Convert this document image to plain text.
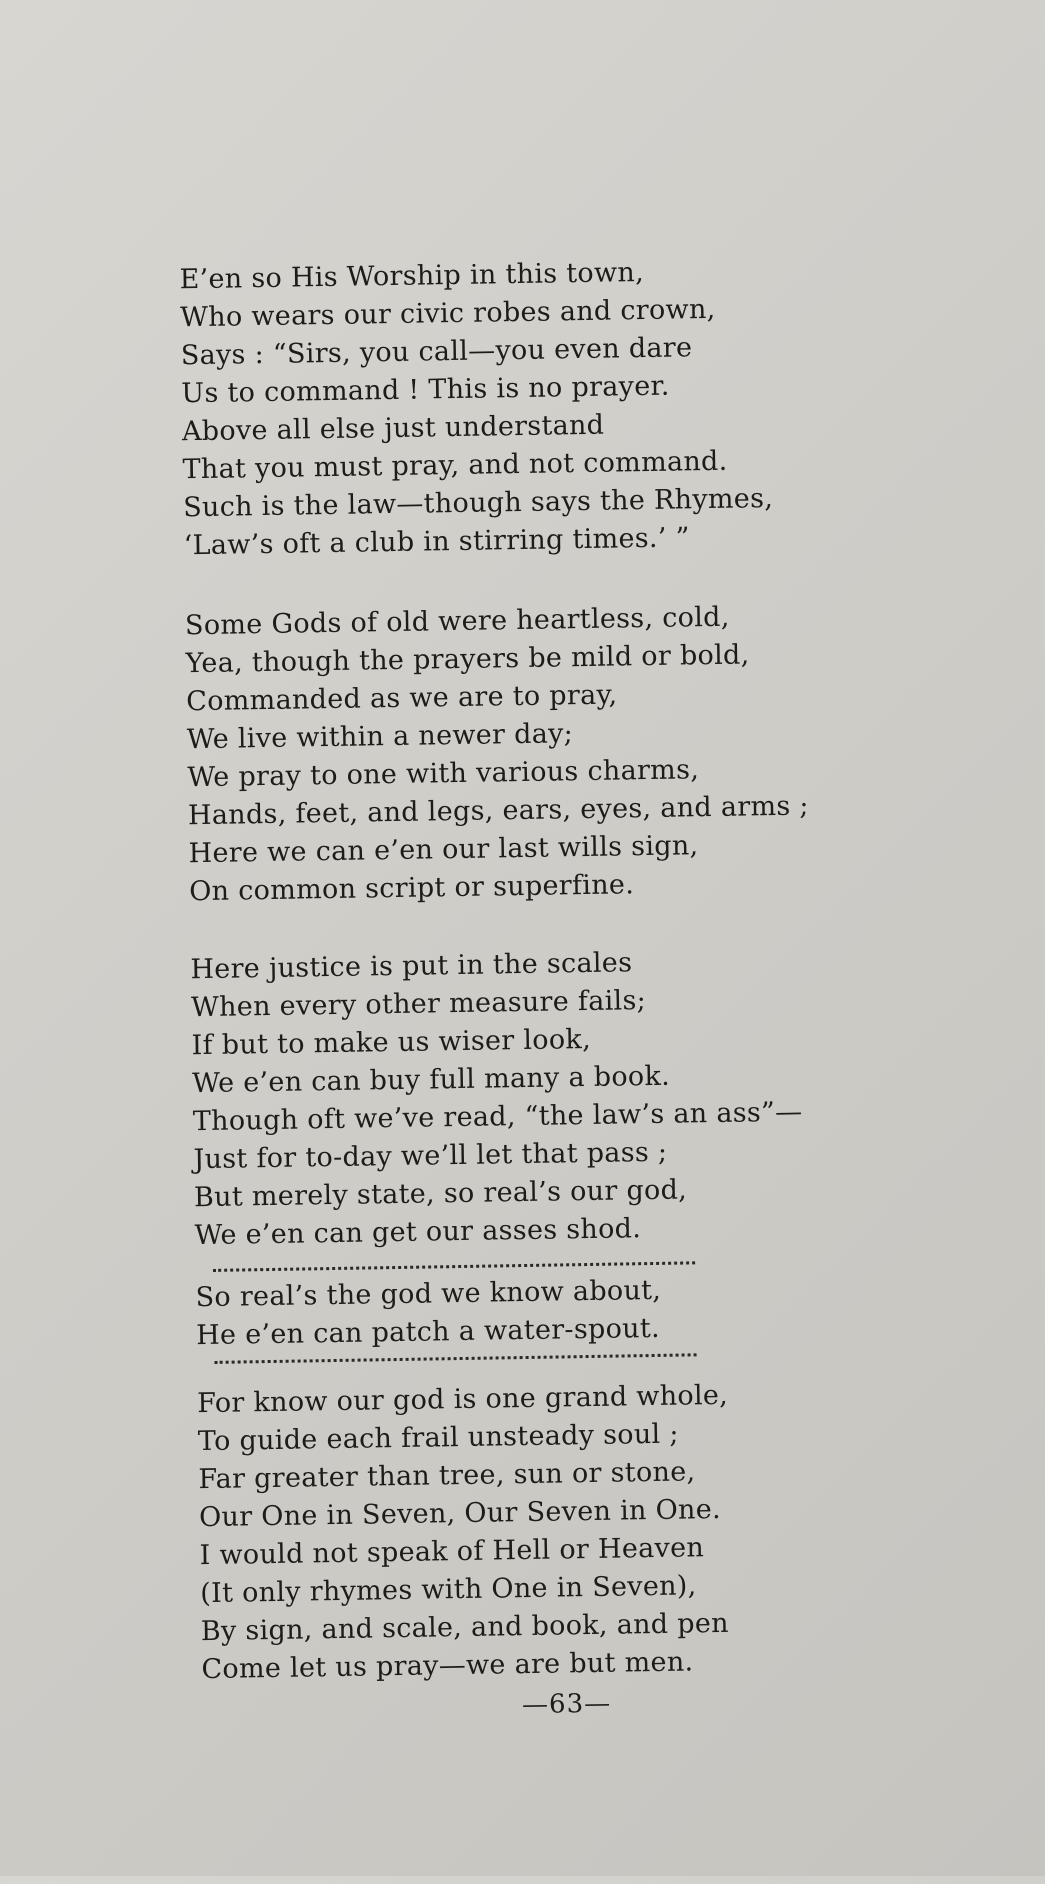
E’en so His Worship in this town,
Who wears our civic robes and crown,
Says : “Sirs, you call—you even dare
Us to command ! This is no prayer.
Above all else just understand
That you must pray, and not command.
Such is the law—though says the Rhymes,
‘Law’s oft a club in stirring times.’ ”
Some Gods of old were heartless, cold,
Yea, though the prayers be mild or bold,
Commanded as we are to pray,
We live within a newer day;
We pray to one with various charms,
Hands, feet, and legs, ears, eyes, and arms ;
Here we can e’en our last wills sign,
On common script or superfine.
Here justice is put in the scales
When every other measure fails;
If but to make us wiser look,
We e’en can buy full many a book.
Though oft we’ve read, “the law’s an ass”—
Just for to-day we’ll let that pass ;
But merely state, so real’s our god,
We e’en can get our asses shod.
So real’s the god we know about,
He e’en can patch a water-spout.
For know our god is one grand whole,
To guide each frail unsteady soul ;
Far greater than tree, sun or stone,
Our One in Seven, Our Seven in One.
I would not speak of Hell or Heaven
(It only rhymes with One in Seven),
By sign, and scale, and book, and pen
Come let us pray—we are but men.
—63—
